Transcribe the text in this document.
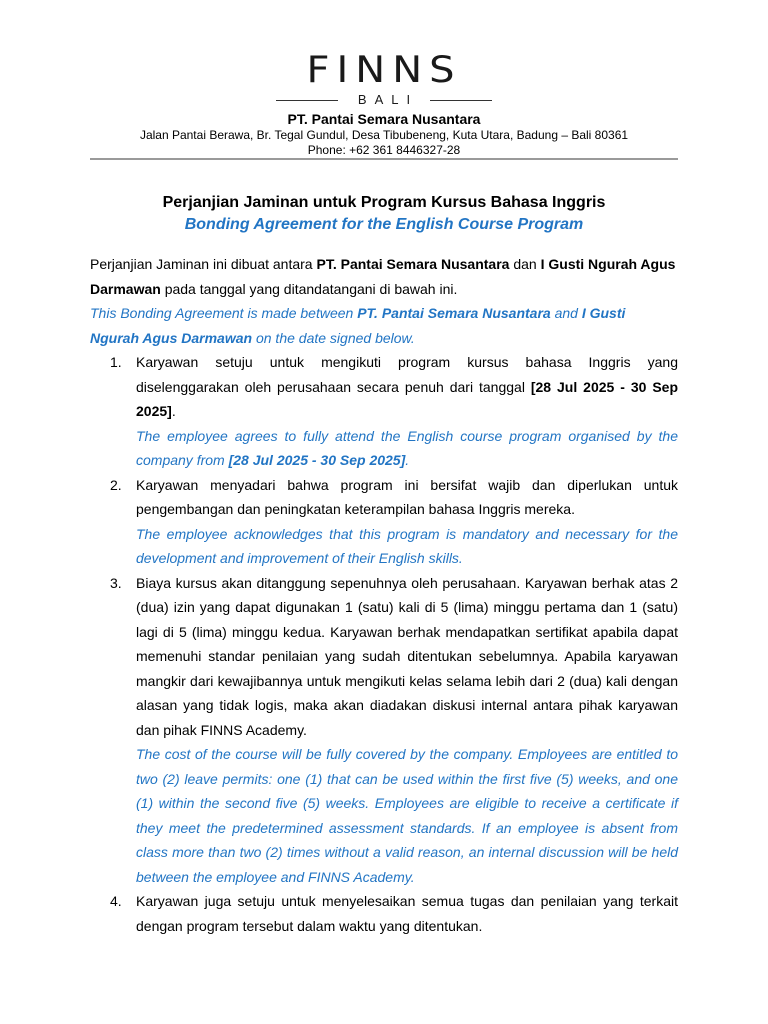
FINNS
BALI
PT. Pantai Semara Nusantara
Jalan Pantai Berawa, Br. Tegal Gundul, Desa Tibubeneng, Kuta Utara, Badung – Bali 80361
Phone: +62 361 8446327-28
Perjanjian Jaminan untuk Program Kursus Bahasa Inggris
Bonding Agreement for the English Course Program

Perjanjian Jaminan ini dibuat antara PT. Pantai Semara Nusantara dan I Gusti Ngurah Agus Darmawan pada tanggal yang ditandatangani di bawah ini.

This Bonding Agreement is made between PT. Pantai Semara Nusantara and I Gusti Ngurah Agus Darmawan on the date signed below.

1. Karyawan setuju untuk mengikuti program kursus bahasa Inggris yang diselenggarakan oleh perusahaan secara penuh dari tanggal [28 Jul 2025 - 30 Sep 2025].
The employee agrees to fully attend the English course program organised by the company from [28 Jul 2025 - 30 Sep 2025].
2. Karyawan menyadari bahwa program ini bersifat wajib dan diperlukan untuk pengembangan dan peningkatan keterampilan bahasa Inggris mereka.
The employee acknowledges that this program is mandatory and necessary for the development and improvement of their English skills.
3. Biaya kursus akan ditanggung sepenuhnya oleh perusahaan. Karyawan berhak atas 2 (dua) izin yang dapat digunakan 1 (satu) kali di 5 (lima) minggu pertama dan 1 (satu) lagi di 5 (lima) minggu kedua. Karyawan berhak mendapatkan sertifikat apabila dapat memenuhi standar penilaian yang sudah ditentukan sebelumnya. Apabila karyawan mangkir dari kewajibannya untuk mengikuti kelas selama lebih dari 2 (dua) kali dengan alasan yang tidak logis, maka akan diadakan diskusi internal antara pihak karyawan dan pihak FINNS Academy.
The cost of the course will be fully covered by the company. Employees are entitled to two (2) leave permits: one (1) that can be used within the first five (5) weeks, and one (1) within the second five (5) weeks. Employees are eligible to receive a certificate if they meet the predetermined assessment standards. If an employee is absent from class more than two (2) times without a valid reason, an internal discussion will be held between the employee and FINNS Academy.
4. Karyawan juga setuju untuk menyelesaikan semua tugas dan penilaian yang terkait dengan program tersebut dalam waktu yang ditentukan.
